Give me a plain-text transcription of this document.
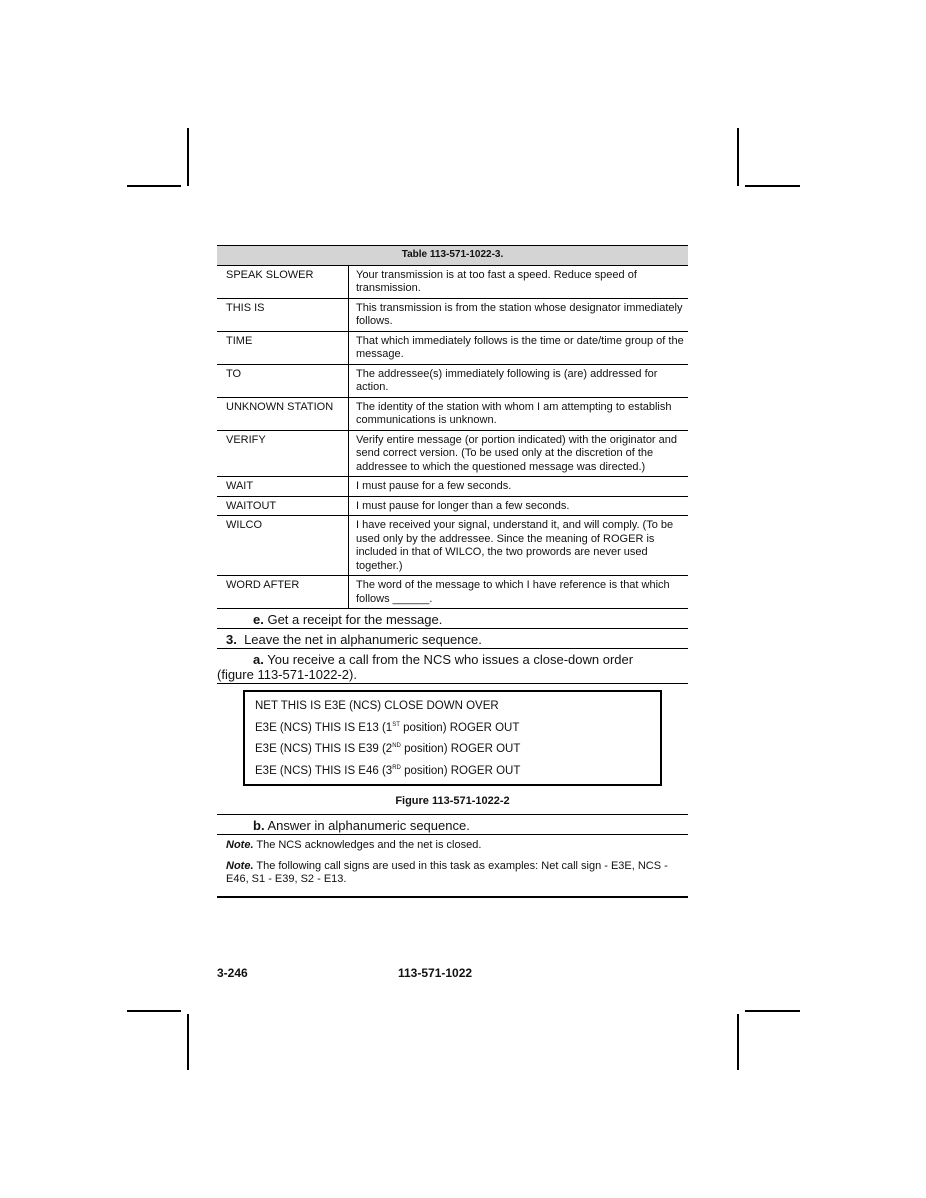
Table 113-571-1022-3.	
SPEAK SLOWER	Your transmission is at too fast a speed. Reduce speed of transmission.
THIS IS	This transmission is from the station whose designator immediately follows.
TIME	That which immediately follows is the time or date/time group of the message.
TO	The addressee(s) immediately following is (are) addressed for action.
UNKNOWN STATION	The identity of the station with whom I am attempting to establish communications is unknown.
VERIFY	Verify entire message (or portion indicated) with the originator and send correct version. (To be used only at the discretion of the addressee to which the questioned message was directed.)
WAIT	I must pause for a few seconds.
WAITOUT	I must pause for longer than a few seconds.
WILCO	I have received your signal, understand it, and will comply. (To be used only by the addressee. Since the meaning of ROGER is included in that of WILCO, the two prowords are never used together.)
WORD AFTER	The word of the message to which I have reference is that which follows ______.
e. Get a receipt for the message.
3. Leave the net in alphanumeric sequence.
a. You receive a call from the NCS who issues a close-down order
(figure 113-571-1022-2).
NET THIS IS E3E (NCS) CLOSE DOWN OVER
E3E (NCS) THIS IS E13 (1ST position) ROGER OUT
E3E (NCS) THIS IS E39 (2ND position) ROGER OUT
E3E (NCS) THIS IS E46 (3RD position) ROGER OUT
Figure 113-571-1022-2
b. Answer in alphanumeric sequence.
Note. The NCS acknowledges and the net is closed.
Note. The following call signs are used in this task as examples: Net call sign - E3E, NCS - E46, S1 - E39, S2 - E13.
3-246	113-571-1022
